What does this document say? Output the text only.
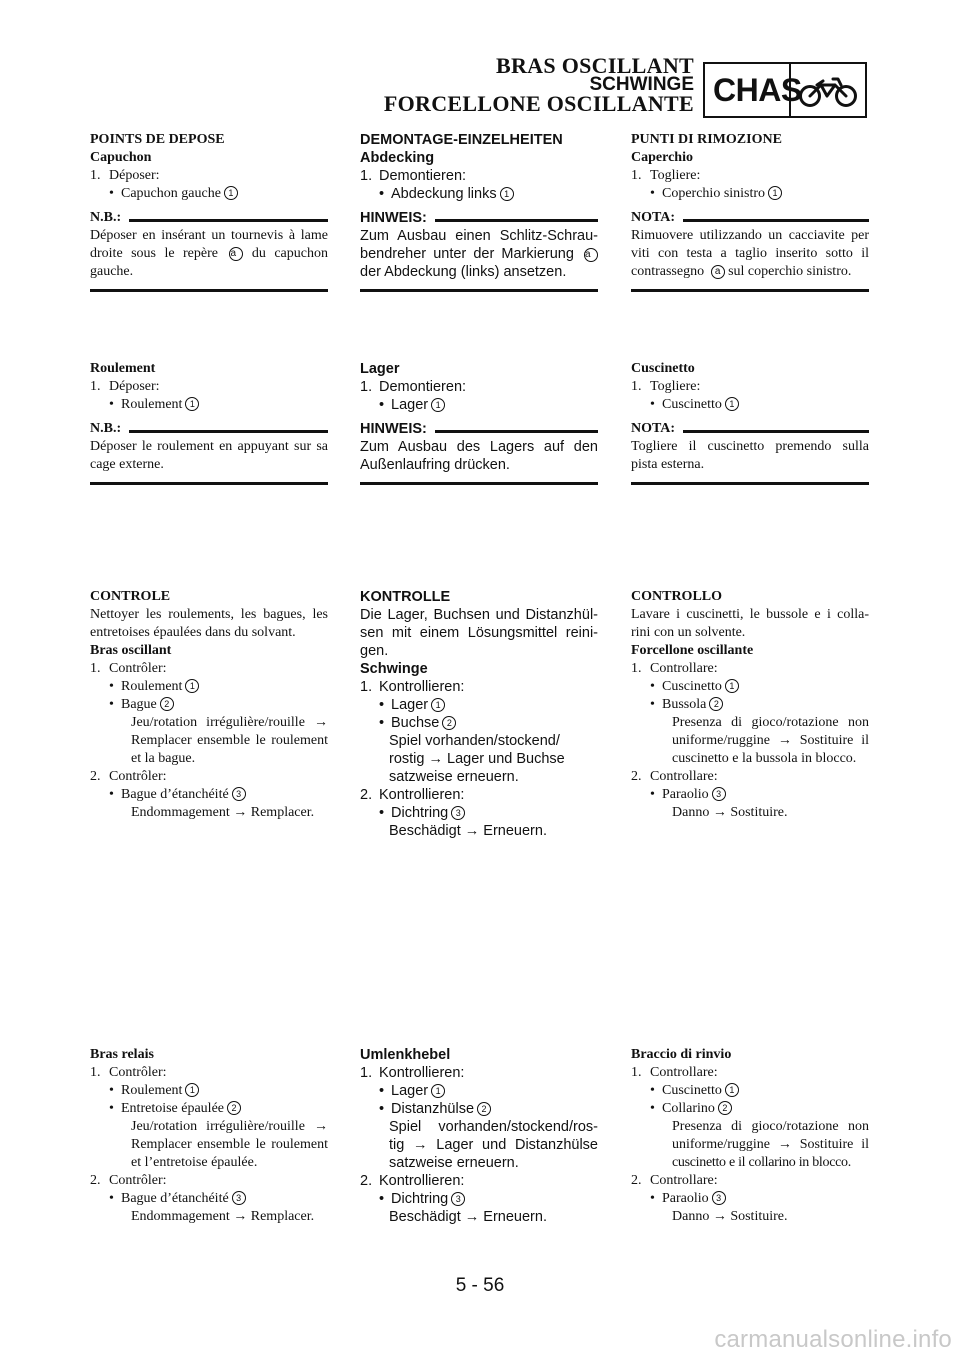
BRAS OSCILLANT
SCHWINGE
FORCELLONE OSCILLANTE CHAS
POINTS DE DEPOSE
Capuchon
1. Déposer:
• Capuchon gauche 1
N.B.:
Déposer en insérant un tournevis à lame
droite sous le repère a du capuchon
gauche.
Roulement
1. Déposer:
• Roulement 1
N.B.:
Déposer le roulement en appuyant sur sa
cage externe.
CONTROLE
Nettoyer les roulements, les bagues, les
entretoises épaulées dans du solvant.
Bras oscillant
1. Contrôler:
• Roulement 1
• Bague 2
Jeu/rotation irrégulière/rouille →
Remplacer ensemble le roulement
et la bague.
2. Contrôler:
• Bague d’étanchéité 3
Endommagement → Remplacer.
Bras relais
1. Contrôler:
• Roulement 1
• Entretoise épaulée 2
Jeu/rotation irrégulière/rouille →
Remplacer ensemble le roulement
et l’entretoise épaulée.
2. Contrôler:
• Bague d’étanchéité 3
Endommagement → Remplacer.
DEMONTAGE-EINZELHEITEN
Abdecking
1. Demontieren:
• Abdeckung links 1
HINWEIS:
Zum Ausbau einen Schlitz-Schrau-
bendreher unter der Markierung a
der Abdeckung (links) ansetzen.
Lager
1. Demontieren:
• Lager 1
HINWEIS:
Zum Ausbau des Lagers auf den
Außenlaufring drücken.
KONTROLLE
Die Lager, Buchsen und Distanzhül-
sen mit einem Lösungsmittel reini-
gen.
Schwinge
1. Kontrollieren:
• Lager 1
• Buchse 2
Spiel vorhanden/stockend/
rostig → Lager und Buchse
satzweise erneuern.
2. Kontrollieren:
• Dichtring 3
Beschädigt → Erneuern.
Umlenkhebel
1. Kontrollieren:
• Lager 1
• Distanzhülse 2
Spiel vorhanden/stockend/ros-
tig → Lager und Distanzhülse
satzweise erneuern.
2. Kontrollieren:
• Dichtring 3
Beschädigt → Erneuern.
PUNTI DI RIMOZIONE
Caperchio
1. Togliere:
• Coperchio sinistro 1
NOTA:
Rimuovere utilizzando un cacciavite per
viti con testa a taglio inserito sotto il
contrassegno a sul coperchio sinistro.
Cuscinetto
1. Togliere:
• Cuscinetto 1
NOTA:
Togliere il cuscinetto premendo sulla
pista esterna.
CONTROLLO
Lavare i cuscinetti, le bussole e i colla-
rini con un solvente.
Forcellone oscillante
1. Controllare:
• Cuscinetto 1
• Bussola 2
Presenza di gioco/rotazione non
uniforme/ruggine → Sostituire il
cuscinetto e la bussola in blocco.
2. Controllare:
• Paraolio 3
Danno → Sostituire.
Braccio di rinvio
1. Controllare:
• Cuscinetto 1
• Collarino 2
Presenza di gioco/rotazione non
uniforme/ruggine → Sostituire il
cuscinetto e il collarino in blocco.
2. Controllare:
• Paraolio 3
Danno → Sostituire.
5 - 56
carmanualsonline.info
